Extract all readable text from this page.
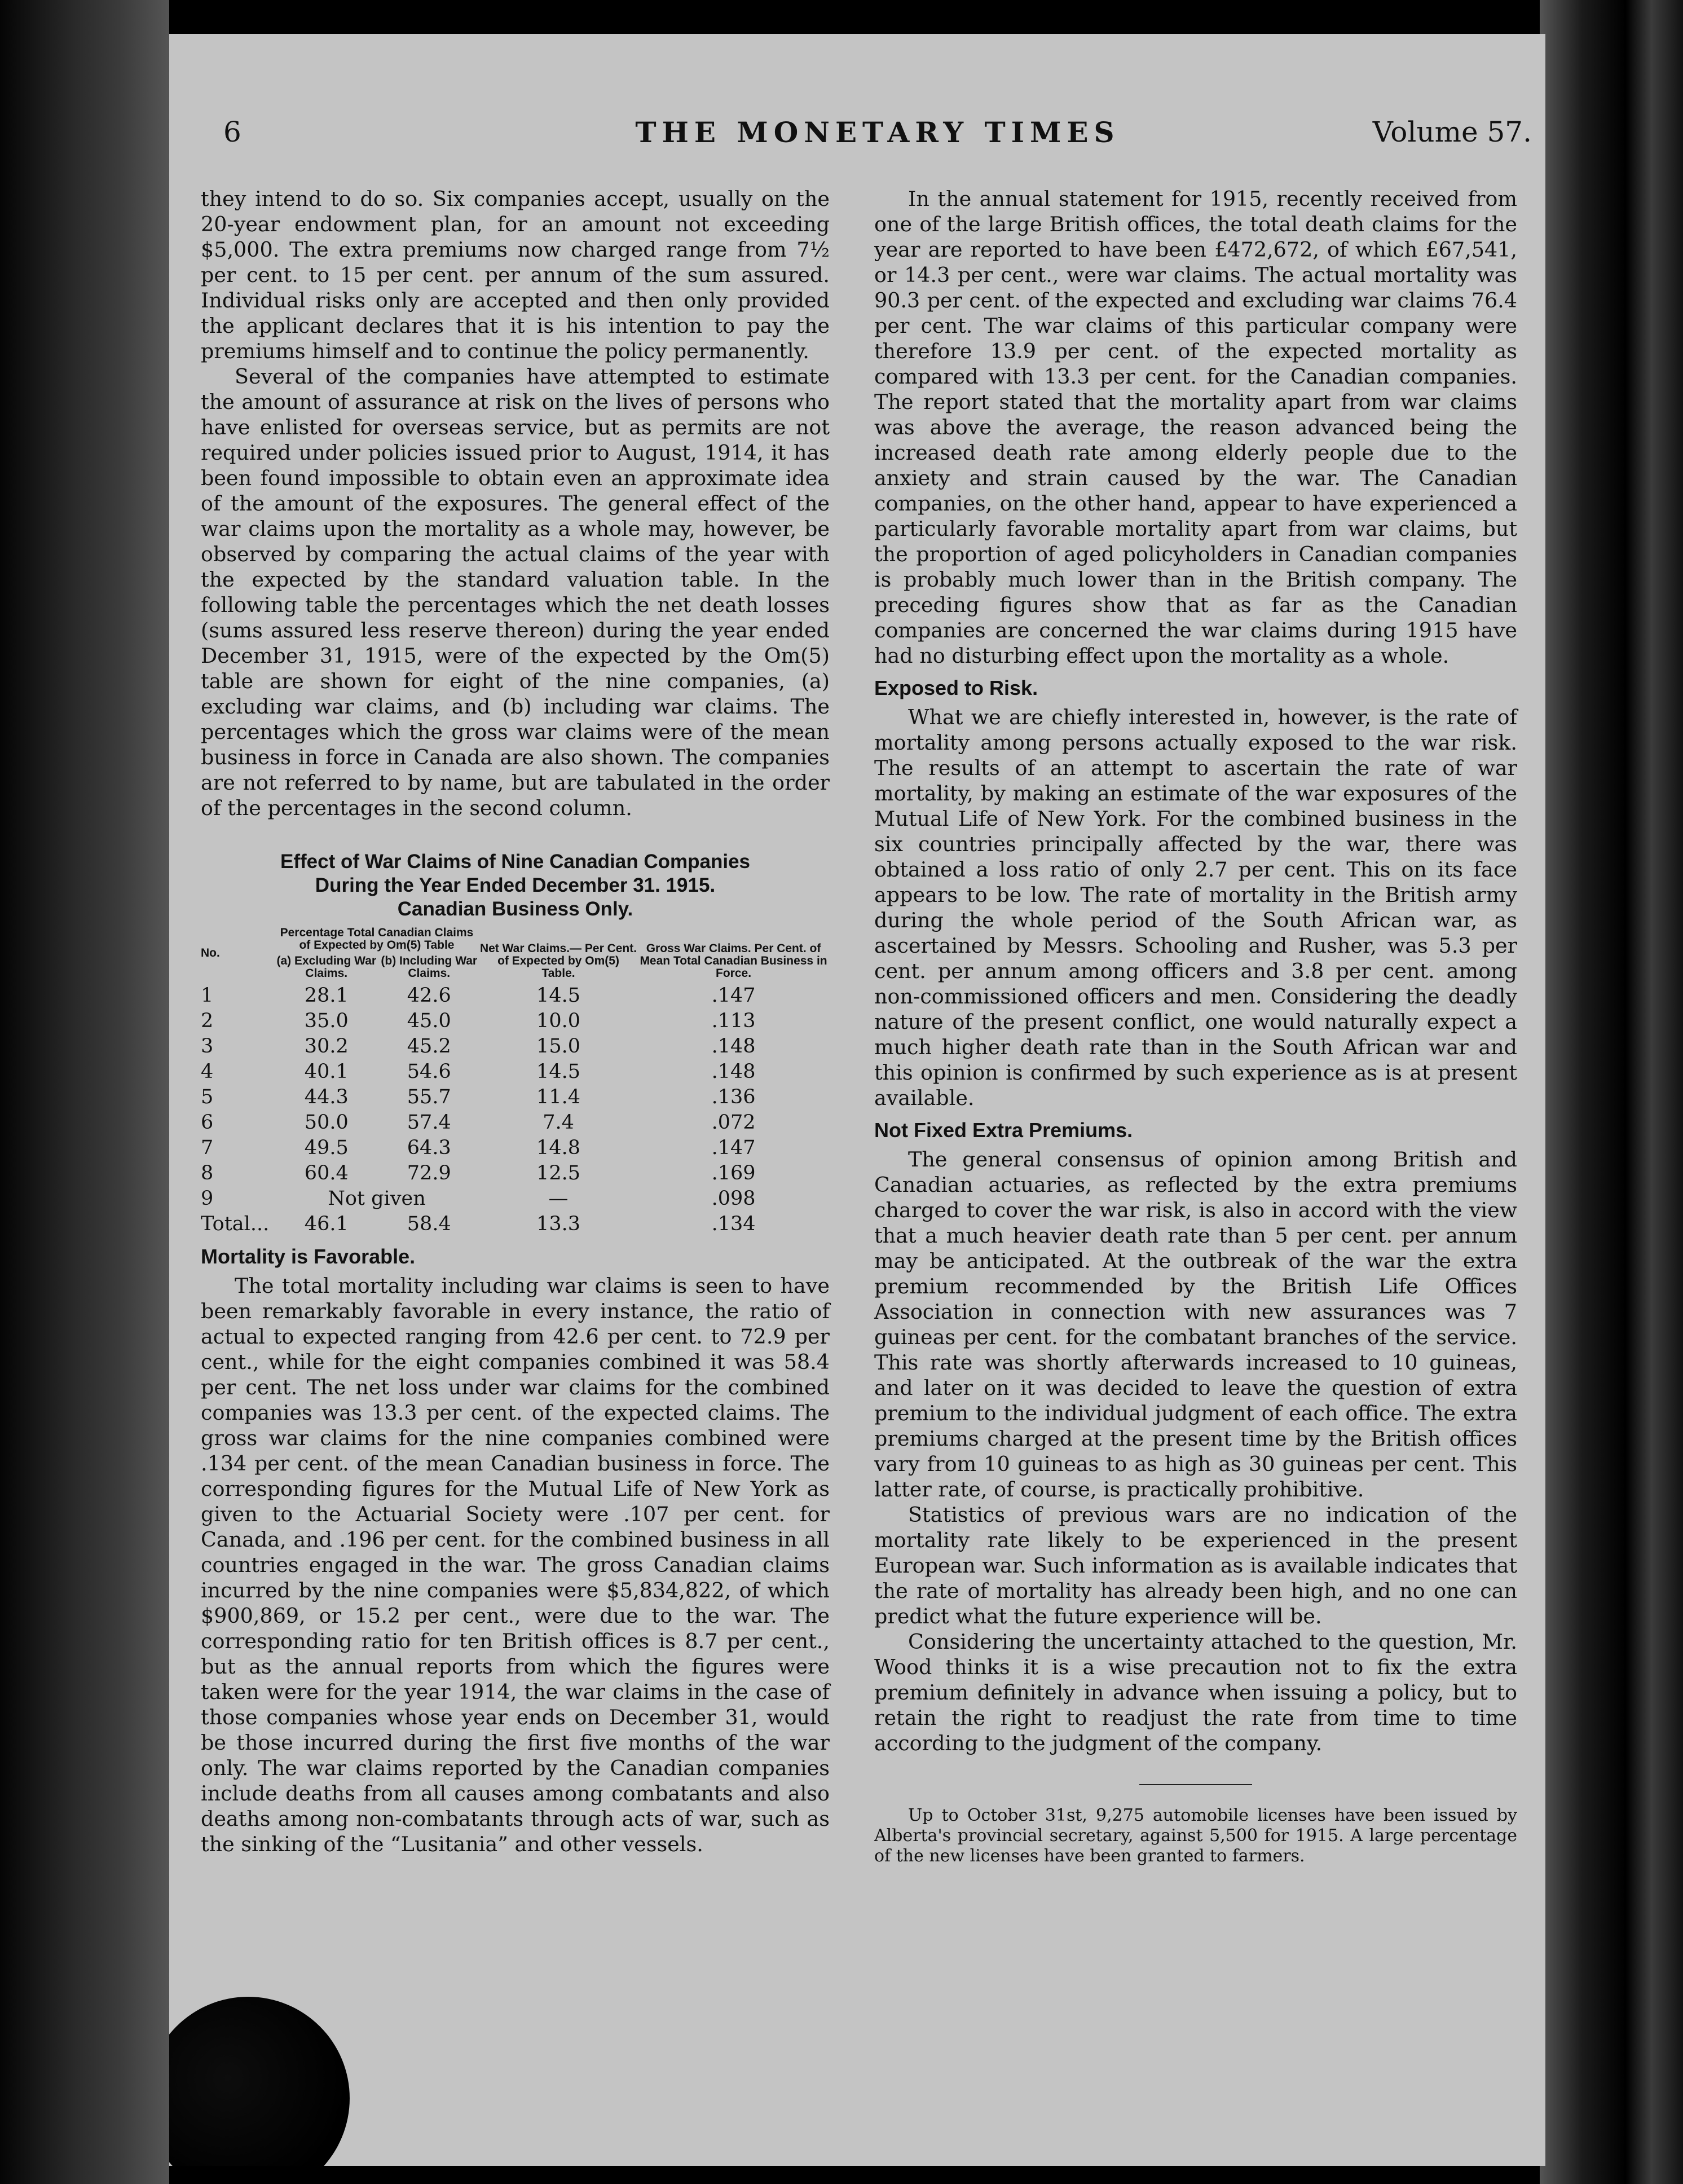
6	THE MONETARY TIMES	Volume 57.

they intend to do so. Six companies accept, usually on the 20-year endowment plan, for an amount not exceeding $5,000. The extra premiums now charged range from 7½ per cent. to 15 per cent. per annum of the sum assured. Individual risks only are accepted and then only provided the applicant declares that it is his intention to pay the premiums himself and to continue the policy permanently.

Several of the companies have attempted to estimate the amount of assurance at risk on the lives of persons who have enlisted for overseas service, but as permits are not required under policies issued prior to August, 1914, it has been found impossible to obtain even an approximate idea of the amount of the exposures. The general effect of the war claims upon the mortality as a whole may, however, be observed by comparing the actual claims of the year with the expected by the standard valuation table. In the following table the percentages which the net death losses (sums assured less reserve thereon) during the year ended December 31, 1915, were of the expected by the Om(5) table are shown for eight of the nine companies, (a) excluding war claims, and (b) including war claims. The percentages which the gross war claims were of the mean business in force in Canada are also shown. The companies are not referred to by name, but are tabulated in the order of the percentages in the second column.

Effect of War Claims of Nine Canadian Companies
During the Year Ended December 31. 1915.
Canadian Business Only.
No.	Percentage Total Canadian Claims of Expected by Om(5) Table		Net War Claims.— Per Cent. of Expected by Om(5) Table.	Gross War Claims. Per Cent. of Mean Total Canadian Business in Force.
	(a) Excluding War Claims.	(b) Including War Claims.		
1	28.1	42.6	14.5	.147
2	35.0	45.0	10.0	.113
3	30.2	45.2	15.0	.148
4	40.1	54.6	14.5	.148
5	44.3	55.7	11.4	.136
6	50.0	57.4	7.4	.072
7	49.5	64.3	14.8	.147
8	60.4	72.9	12.5	.169
9	Not given		—	.098
Total...	46.1	58.4	13.3	.134
Mortality is Favorable.

The total mortality including war claims is seen to have been remarkably favorable in every instance, the ratio of actual to expected ranging from 42.6 per cent. to 72.9 per cent., while for the eight companies combined it was 58.4 per cent. The net loss under war claims for the combined companies was 13.3 per cent. of the expected claims. The gross war claims for the nine companies combined were .134 per cent. of the mean Canadian business in force. The corresponding figures for the Mutual Life of New York as given to the Actuarial Society were .107 per cent. for Canada, and .196 per cent. for the combined business in all countries engaged in the war. The gross Canadian claims incurred by the nine companies were $5,834,822, of which $900,869, or 15.2 per cent., were due to the war. The corresponding ratio for ten British offices is 8.7 per cent., but as the annual reports from which the figures were taken were for the year 1914, the war claims in the case of those companies whose year ends on December 31, would be those incurred during the first five months of the war only. The war claims reported by the Canadian companies include deaths from all causes among combatants and also deaths among non-combatants through acts of war, such as the sinking of the “Lusitania” and other vessels.

In the annual statement for 1915, recently received from one of the large British offices, the total death claims for the year are reported to have been £472,672, of which £67,541, or 14.3 per cent., were war claims. The actual mortality was 90.3 per cent. of the expected and excluding war claims 76.4 per cent. The war claims of this particular company were therefore 13.9 per cent. of the expected mortality as compared with 13.3 per cent. for the Canadian companies. The report stated that the mortality apart from war claims was above the average, the reason advanced being the increased death rate among elderly people due to the anxiety and strain caused by the war. The Canadian companies, on the other hand, appear to have experienced a particularly favorable mortality apart from war claims, but the proportion of aged policyholders in Canadian companies is probably much lower than in the British company. The preceding figures show that as far as the Canadian companies are concerned the war claims during 1915 have had no disturbing effect upon the mortality as a whole.

Exposed to Risk.

What we are chiefly interested in, however, is the rate of mortality among persons actually exposed to the war risk. The results of an attempt to ascertain the rate of war mortality, by making an estimate of the war exposures of the Mutual Life of New York. For the combined business in the six countries principally affected by the war, there was obtained a loss ratio of only 2.7 per cent. This on its face appears to be low. The rate of mortality in the British army during the whole period of the South African war, as ascertained by Messrs. Schooling and Rusher, was 5.3 per cent. per annum among officers and 3.8 per cent. among non-commissioned officers and men. Considering the deadly nature of the present conflict, one would naturally expect a much higher death rate than in the South African war and this opinion is confirmed by such experience as is at present available.

Not Fixed Extra Premiums.

The general consensus of opinion among British and Canadian actuaries, as reflected by the extra premiums charged to cover the war risk, is also in accord with the view that a much heavier death rate than 5 per cent. per annum may be anticipated. At the outbreak of the war the extra premium recommended by the British Life Offices Association in connection with new assurances was 7 guineas per cent. for the combatant branches of the service. This rate was shortly afterwards increased to 10 guineas, and later on it was decided to leave the question of extra premium to the individual judgment of each office. The extra premiums charged at the present time by the British offices vary from 10 guineas to as high as 30 guineas per cent. This latter rate, of course, is practically prohibitive.

Statistics of previous wars are no indication of the mortality rate likely to be experienced in the present European war. Such information as is available indicates that the rate of mortality has already been high, and no one can predict what the future experience will be.

Considering the uncertainty attached to the question, Mr. Wood thinks it is a wise precaution not to fix the extra premium definitely in advance when issuing a policy, but to retain the right to readjust the rate from time to time according to the judgment of the company.

Up to October 31st, 9,275 automobile licenses have been issued by Alberta's provincial secretary, against 5,500 for 1915. A large percentage of the new licenses have been granted to farmers.
